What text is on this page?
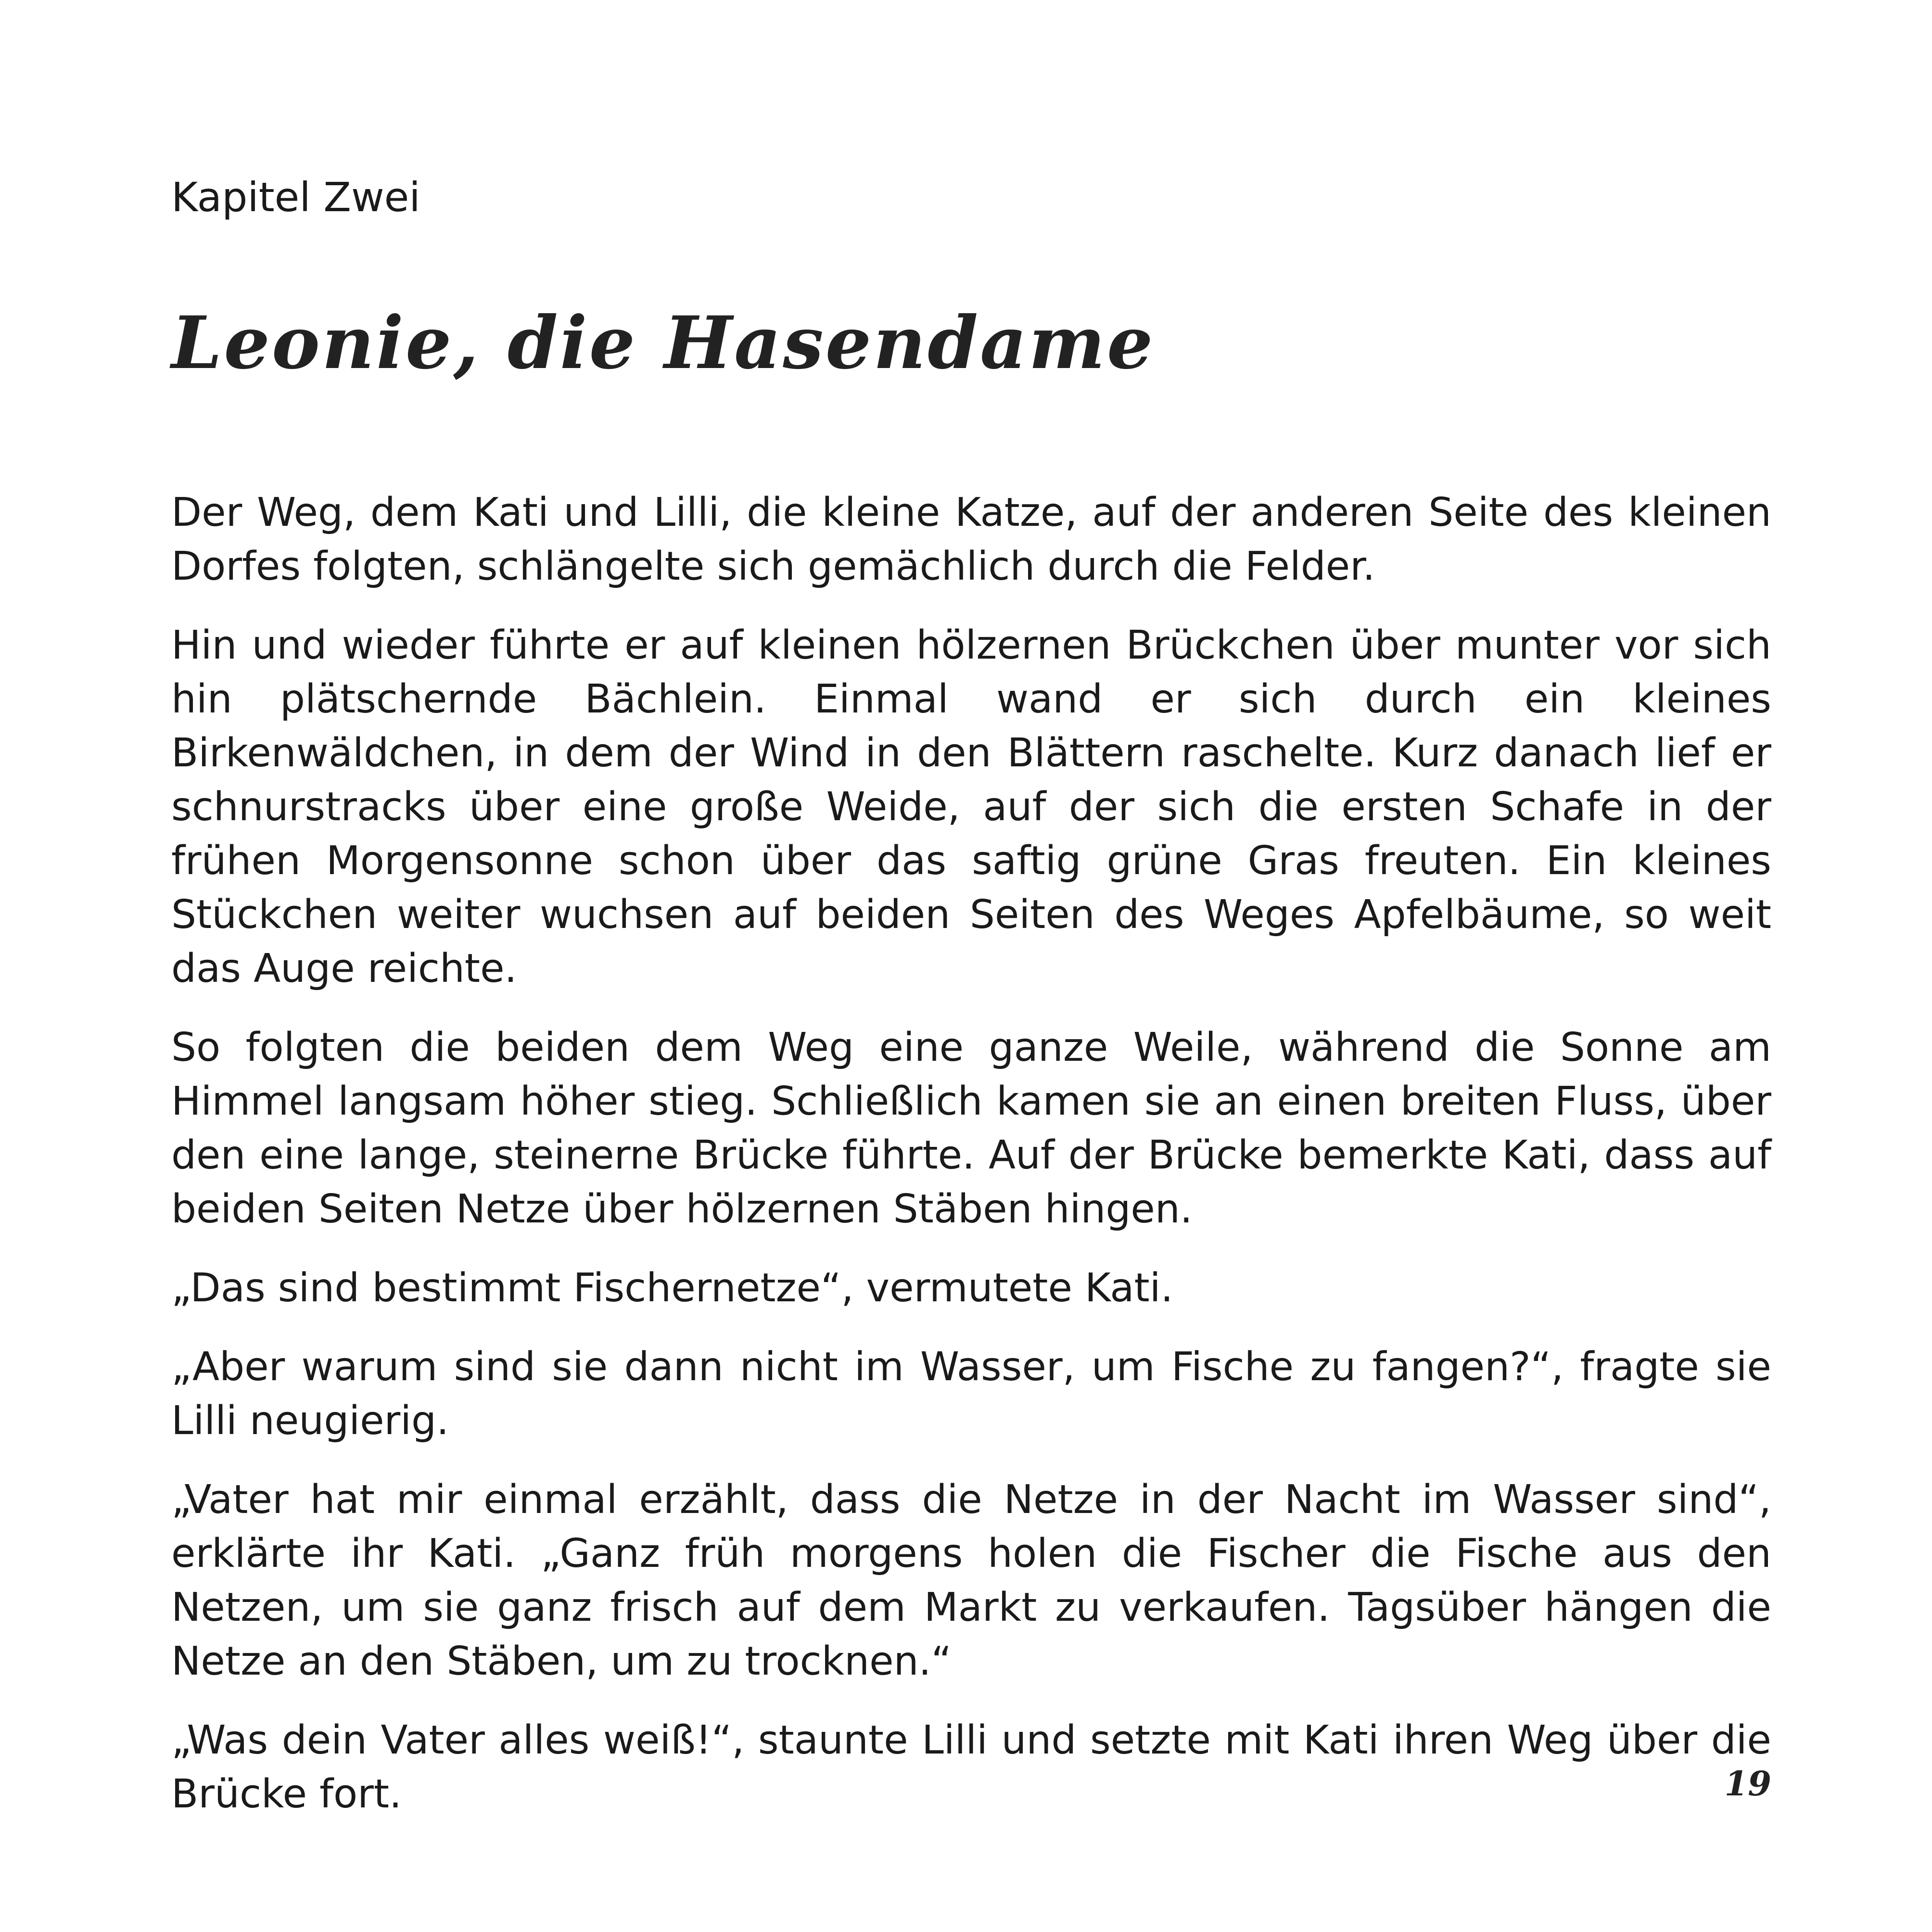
Kapitel Zwei
Leonie, die Hasendame

Der Weg, dem Kati und Lilli, die kleine Katze, auf der anderen Seite des kleinen Dorfes folgten, schlängelte sich gemächlich durch die Felder.

Hin und wieder führte er auf kleinen hölzernen Brückchen über munter vor sich hin plätschernde Bächlein. Einmal wand er sich durch ein kleines Birkenwäldchen, in dem der Wind in den Blättern raschelte. Kurz danach lief er schnurstracks über eine große Weide, auf der sich die ersten Schafe in der frühen Morgensonne schon über das saftig grüne Gras freuten. Ein kleines Stückchen weiter wuchsen auf beiden Seiten des Weges Apfelbäume, so weit das Auge reichte.

So folgten die beiden dem Weg eine ganze Weile, während die Sonne am Himmel langsam höher stieg. Schließlich kamen sie an einen breiten Fluss, über den eine lange, steinerne Brücke führte. Auf der Brücke bemerkte Kati, dass auf beiden Seiten Netze über hölzernen Stäben hingen.

„Das sind bestimmt Fischernetze“, vermutete Kati.

„Aber warum sind sie dann nicht im Wasser, um Fische zu fangen?“, fragte sie Lilli neugierig.

„Vater hat mir einmal erzählt, dass die Netze in der Nacht im Wasser sind“, erklärte ihr Kati. „Ganz früh morgens holen die Fischer die Fische aus den Netzen, um sie ganz frisch auf dem Markt zu verkaufen. Tagsüber hängen die Netze an den Stäben, um zu trocknen.“

„Was dein Vater alles weiß!“, staunte Lilli und setzte mit Kati ihren Weg über die Brücke fort.	19
